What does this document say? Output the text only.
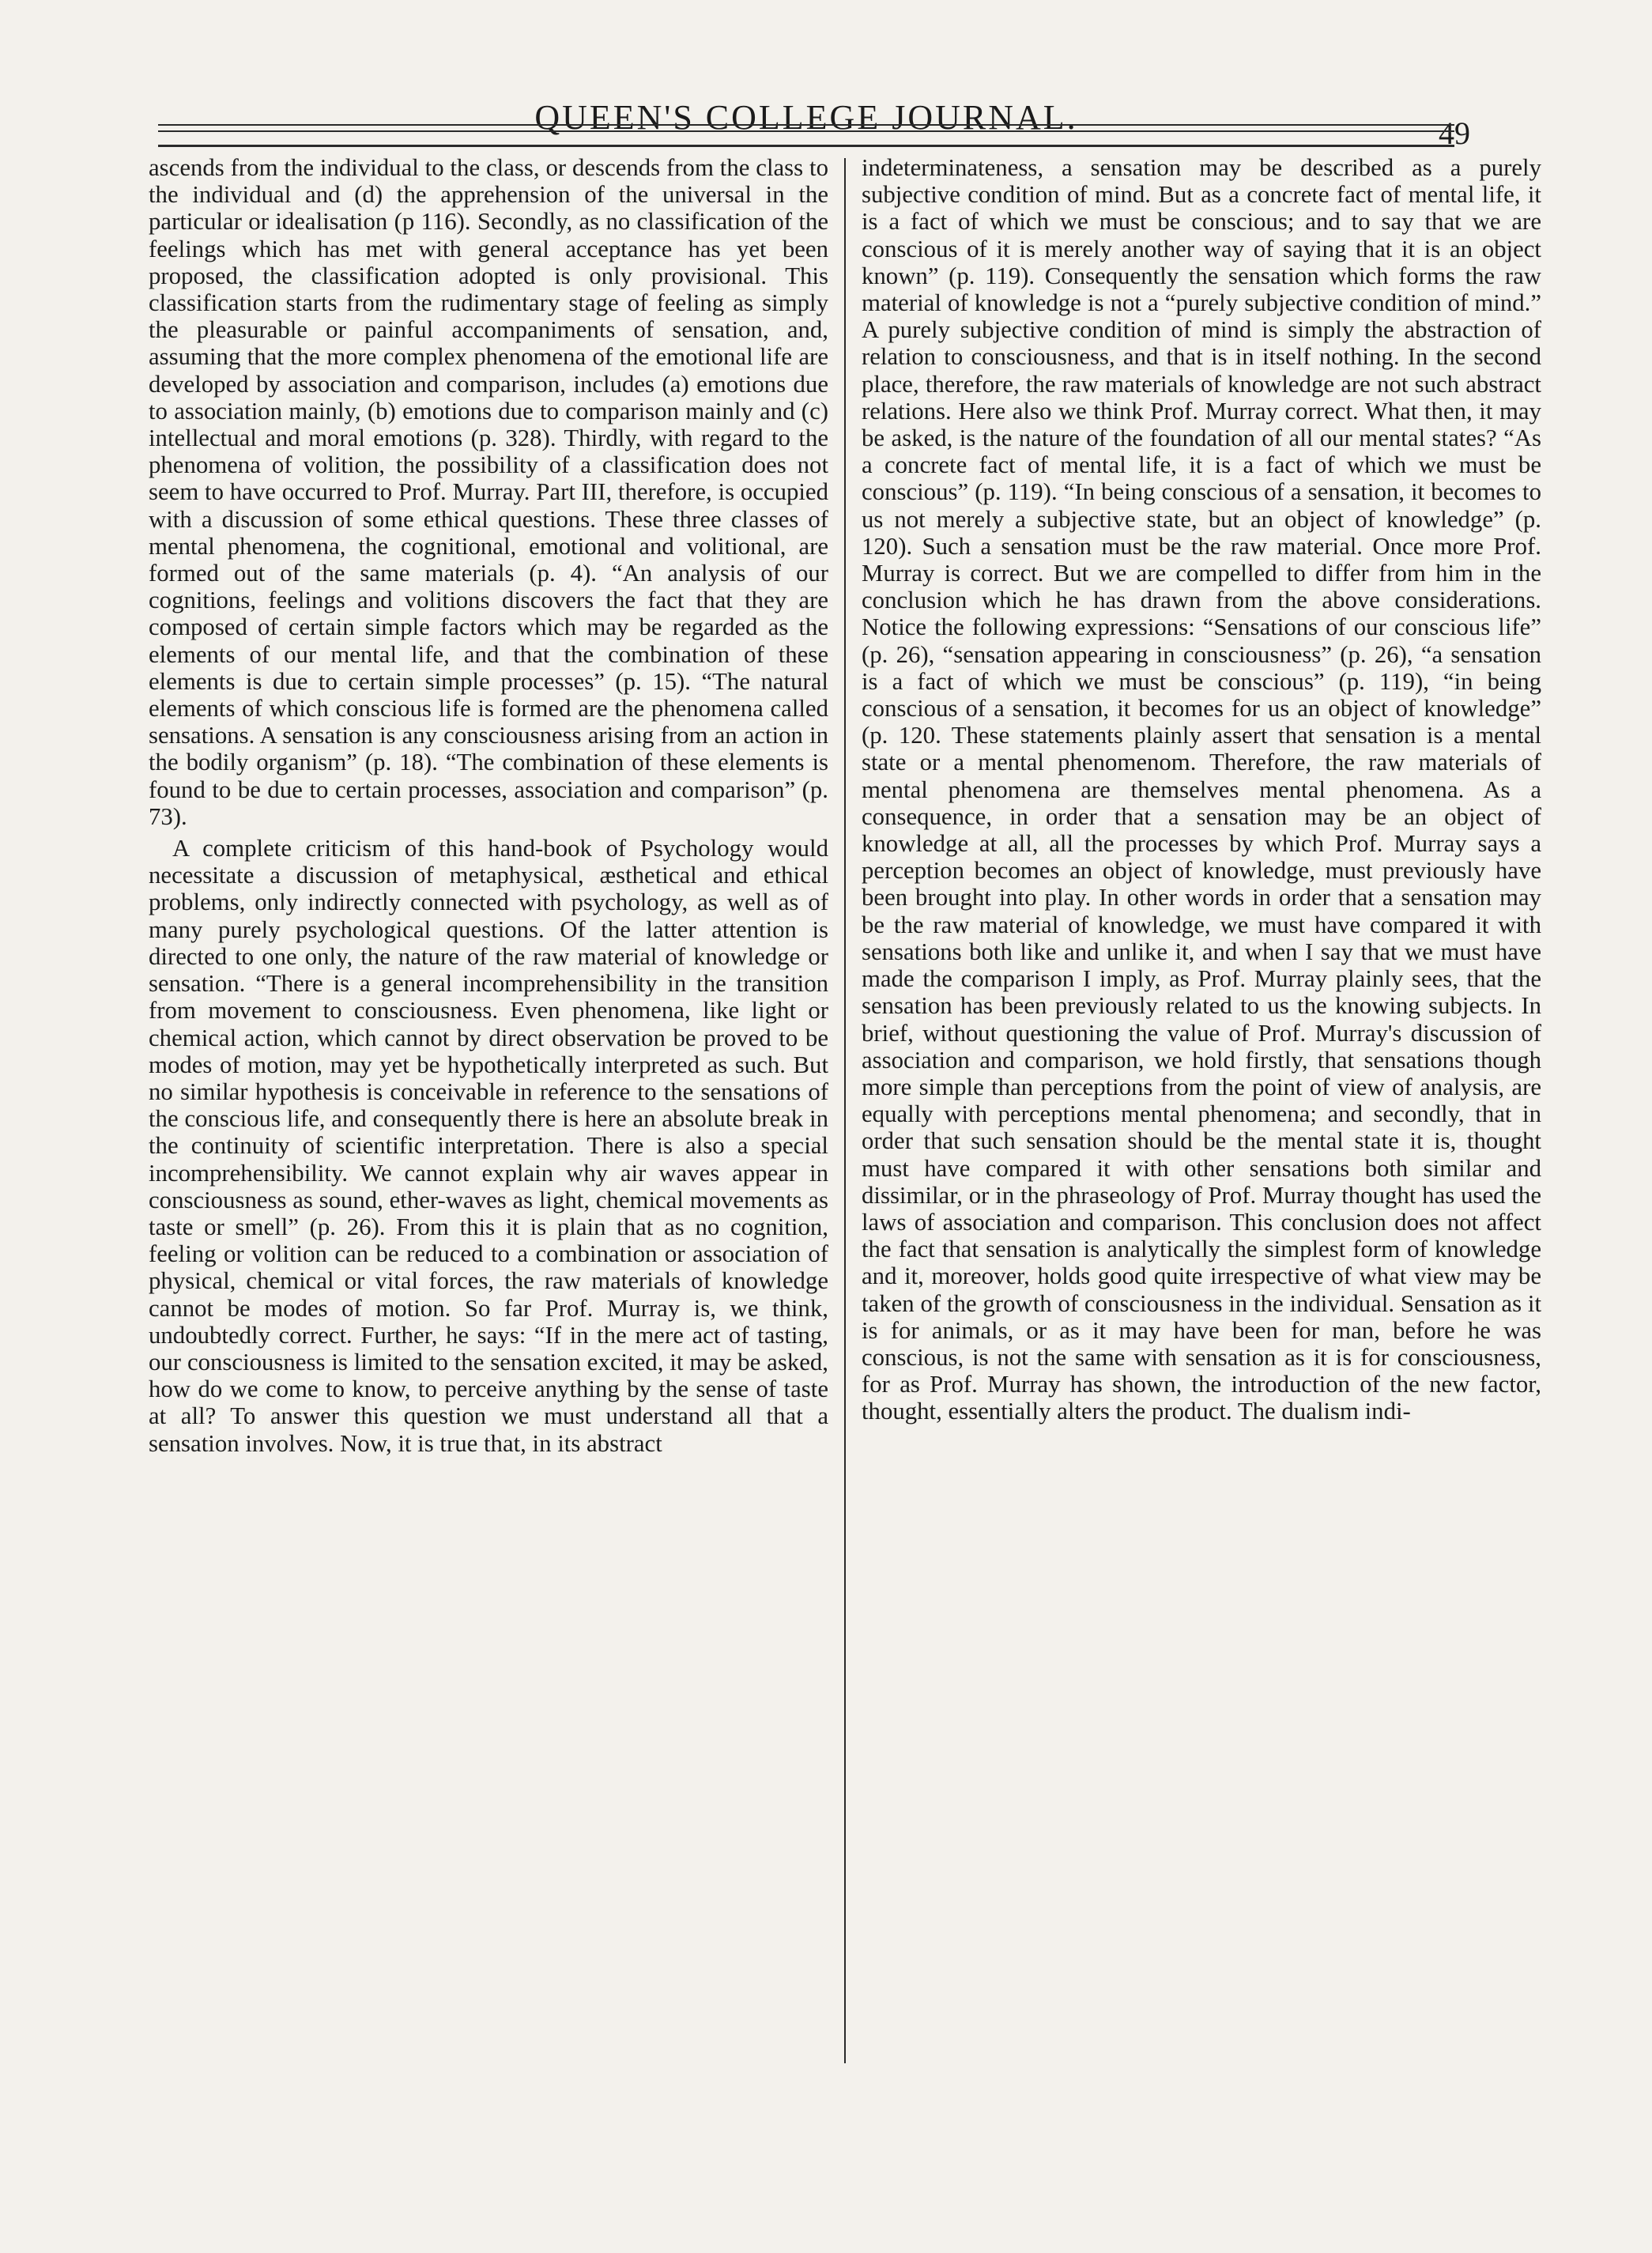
QUEEN'S COLLEGE JOURNAL.	49

ascends from the individual to the class, or descends from the class to the individual and (d) the apprehension of the universal in the particular or idealisation (p 116). Secondly, as no classification of the feelings which has met with general acceptance has yet been proposed, the classification adopted is only provisional. This classification starts from the rudimentary stage of feeling as simply the pleasurable or painful accompaniments of sensation, and, assuming that the more complex phenomena of the emotional life are developed by association and comparison, includes (a) emotions due to association mainly, (b) emotions due to comparison mainly and (c) intellectual and moral emotions (p. 328). Thirdly, with regard to the phenomena of volition, the possibility of a classification does not seem to have occurred to Prof. Murray. Part III, therefore, is occupied with a discussion of some ethical questions. These three classes of mental phenomena, the cognitional, emotional and volitional, are formed out of the same materials (p. 4). “An analysis of our cognitions, feelings and volitions discovers the fact that they are composed of certain simple factors which may be regarded as the elements of our mental life, and that the combination of these elements is due to certain simple processes” (p. 15). “The natural elements of which conscious life is formed are the phenomena called sensations. A sensation is any consciousness arising from an action in the bodily organism” (p. 18). “The combination of these elements is found to be due to certain processes, association and comparison” (p. 73).

A complete criticism of this hand-book of Psychology would necessitate a discussion of metaphysical, æsthetical and ethical problems, only indirectly connected with psychology, as well as of many purely psychological questions. Of the latter attention is directed to one only, the nature of the raw material of knowledge or sensation. “There is a general incomprehensibility in the transition from movement to consciousness. Even phenomena, like light or chemical action, which cannot by direct observation be proved to be modes of motion, may yet be hypothetically interpreted as such. But no similar hypothesis is conceivable in reference to the sensations of the conscious life, and consequently there is here an absolute break in the continuity of scientific interpretation. There is also a special incomprehensibility. We cannot explain why air waves appear in consciousness as sound, ether-waves as light, chemical movements as taste or smell” (p. 26). From this it is plain that as no cognition, feeling or volition can be reduced to a combination or association of physical, chemical or vital forces, the raw materials of knowledge cannot be modes of motion. So far Prof. Murray is, we think, undoubtedly correct. Further, he says: “If in the mere act of tasting, our consciousness is limited to the sensation excited, it may be asked, how do we come to know, to perceive anything by the sense of taste at all? To answer this question we must understand all that a sensation involves. Now, it is true that, in its abstract

indeterminateness, a sensation may be described as a purely subjective condition of mind. But as a concrete fact of mental life, it is a fact of which we must be conscious; and to say that we are conscious of it is merely another way of saying that it is an object known” (p. 119). Consequently the sensation which forms the raw material of knowledge is not a “purely subjective condition of mind.” A purely subjective condition of mind is simply the abstraction of relation to consciousness, and that is in itself nothing. In the second place, therefore, the raw materials of knowledge are not such abstract relations. Here also we think Prof. Murray correct. What then, it may be asked, is the nature of the foundation of all our mental states? “As a concrete fact of mental life, it is a fact of which we must be conscious” (p. 119). “In being conscious of a sensation, it becomes to us not merely a subjective state, but an object of knowledge” (p. 120). Such a sensation must be the raw material. Once more Prof. Murray is correct. But we are compelled to differ from him in the conclusion which he has drawn from the above considerations. Notice the following expressions: “Sensations of our conscious life” (p. 26), “sensation appearing in consciousness” (p. 26), “a sensation is a fact of which we must be conscious” (p. 119), “in being conscious of a sensation, it becomes for us an object of knowledge” (p. 120. These statements plainly assert that sensation is a mental state or a mental phenomenom. Therefore, the raw materials of mental phenomena are themselves mental phenomena. As a consequence, in order that a sensation may be an object of knowledge at all, all the processes by which Prof. Murray says a perception becomes an object of knowledge, must previously have been brought into play. In other words in order that a sensation may be the raw material of knowledge, we must have compared it with sensations both like and unlike it, and when I say that we must have made the comparison I imply, as Prof. Murray plainly sees, that the sensation has been previously related to us the knowing subjects. In brief, without questioning the value of Prof. Murray's discussion of association and comparison, we hold firstly, that sensations though more simple than perceptions from the point of view of analysis, are equally with perceptions mental phenomena; and secondly, that in order that such sensation should be the mental state it is, thought must have compared it with other sensations both similar and dissimilar, or in the phraseology of Prof. Murray thought has used the laws of association and comparison. This conclusion does not affect the fact that sensation is analytically the simplest form of knowledge and it, moreover, holds good quite irrespective of what view may be taken of the growth of consciousness in the individual. Sensation as it is for animals, or as it may have been for man, before he was conscious, is not the same with sensation as it is for consciousness, for as Prof. Murray has shown, the introduction of the new factor, thought, essentially alters the product. The dualism indi-
